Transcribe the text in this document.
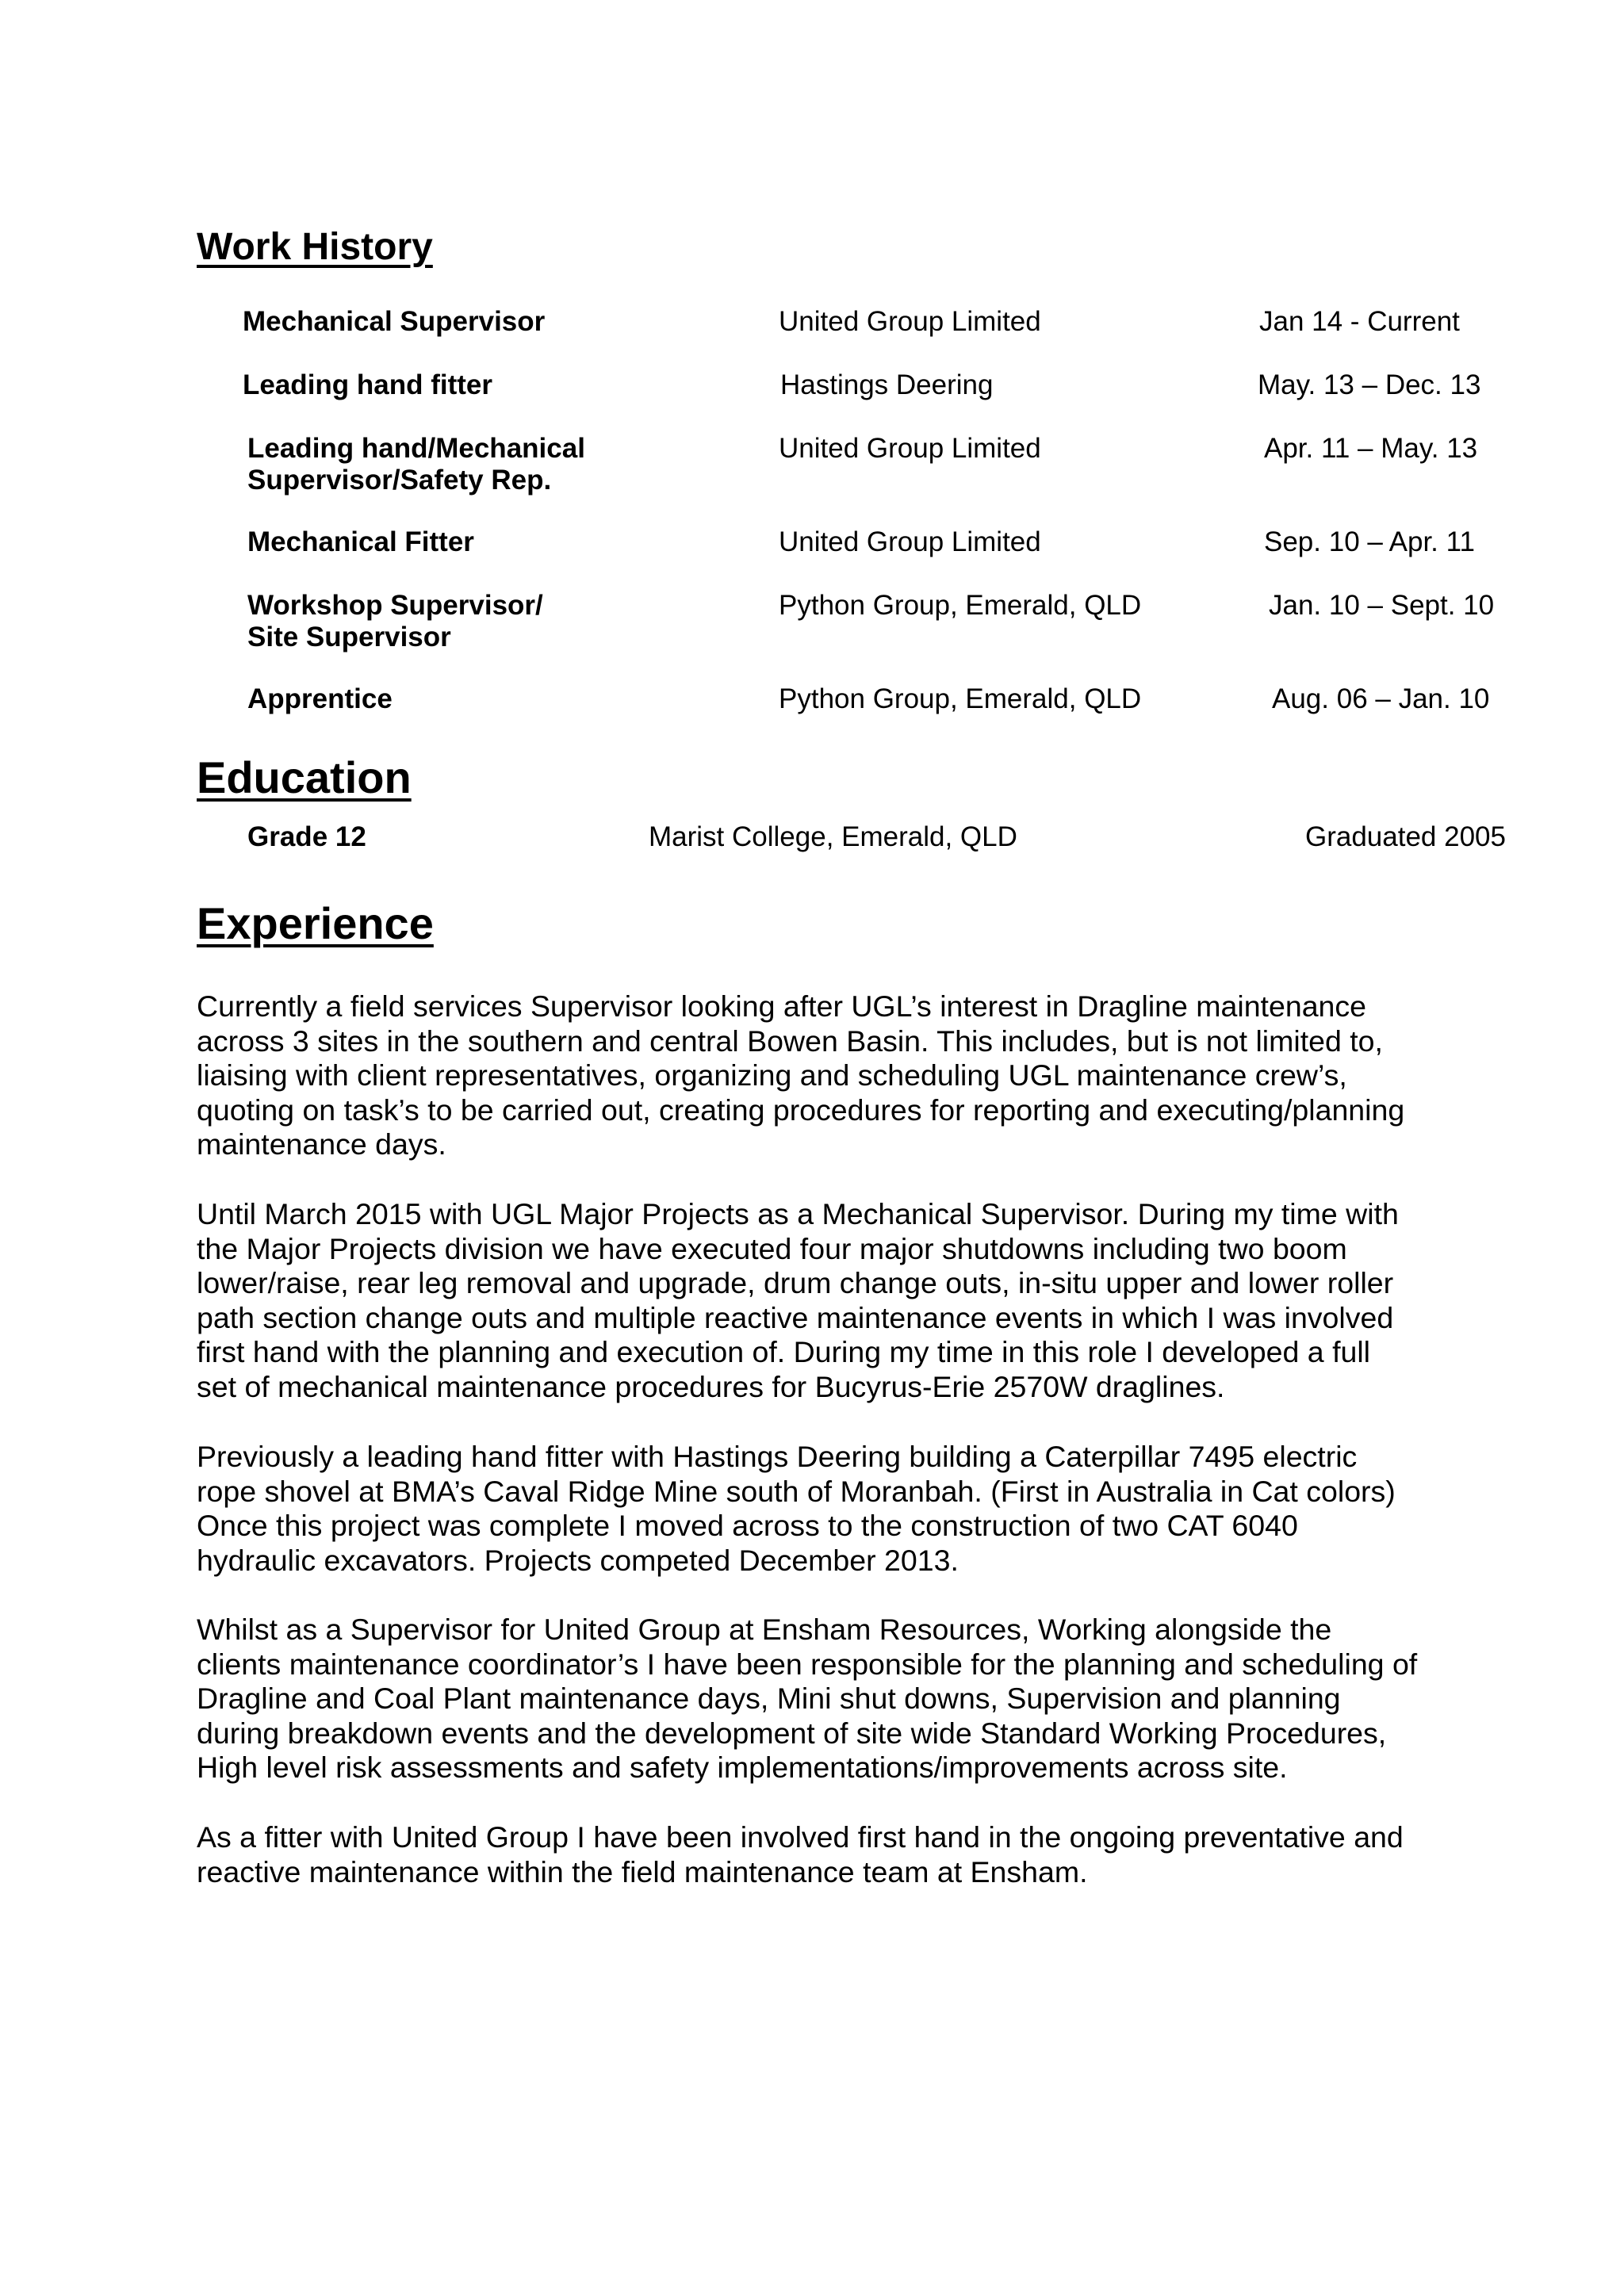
Work History
Mechanical Supervisor	United Group Limited	Jan 14 - Current
Leading hand fitter	Hastings Deering	May. 13 – Dec. 13
Leading hand/Mechanical
Supervisor/Safety Rep.
United Group Limited	Apr. 11 – May. 13
Mechanical Fitter	United Group Limited	Sep. 10 – Apr. 11
Workshop Supervisor/
Site Supervisor
Python Group, Emerald, QLD	Jan. 10 – Sept. 10
Apprentice	Python Group, Emerald, QLD	Aug. 06 – Jan. 10
Education
Grade 12	Marist College, Emerald, QLD	Graduated 2005
Experience

Currently a field services Supervisor looking after UGL’s interest in Dragline maintenance
across 3 sites in the southern and central Bowen Basin. This includes, but is not limited to,
liaising with client representatives, organizing and scheduling UGL maintenance crew’s,
quoting on task’s to be carried out, creating procedures for reporting and executing/planning
maintenance days.

Until March 2015 with UGL Major Projects as a Mechanical Supervisor. During my time with
the Major Projects division we have executed four major shutdowns including two boom
lower/raise, rear leg removal and upgrade, drum change outs, in-situ upper and lower roller
path section change outs and multiple reactive maintenance events in which I was involved
first hand with the planning and execution of. During my time in this role I developed a full
set of mechanical maintenance procedures for Bucyrus-Erie 2570W draglines.

Previously a leading hand fitter with Hastings Deering building a Caterpillar 7495 electric
rope shovel at BMA’s Caval Ridge Mine south of Moranbah. (First in Australia in Cat colors)
Once this project was complete I moved across to the construction of two CAT 6040
hydraulic excavators. Projects competed December 2013.

Whilst as a Supervisor for United Group at Ensham Resources, Working alongside the
clients maintenance coordinator’s I have been responsible for the planning and scheduling of
Dragline and Coal Plant maintenance days, Mini shut downs, Supervision and planning
during breakdown events and the development of site wide Standard Working Procedures,
High level risk assessments and safety implementations/improvements across site.

As a fitter with United Group I have been involved first hand in the ongoing preventative and
reactive maintenance within the field maintenance team at Ensham.
